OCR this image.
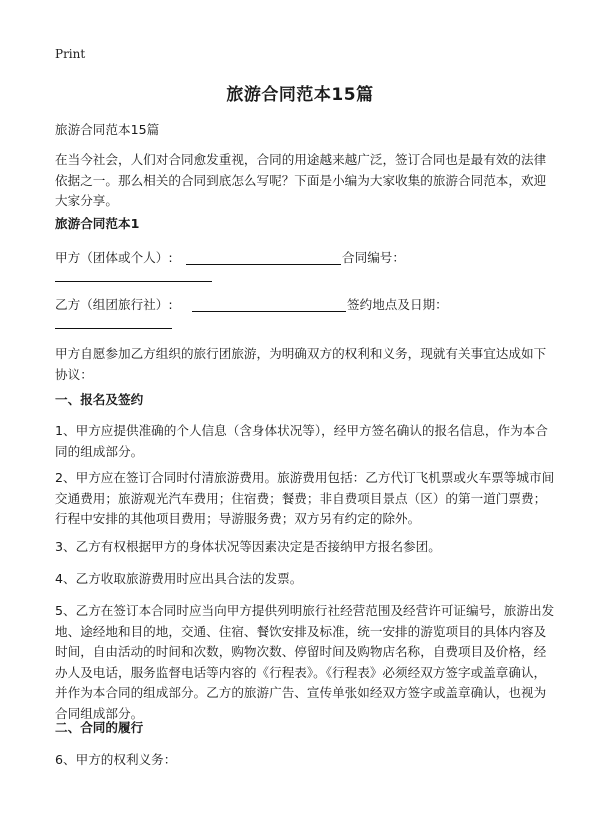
Print
旅游合同范本15篇
旅游合同范本15篇
在当今社会，人们对合同愈发重视，合同的用途越来越广泛，签订合同也是最有效的法律依据之一。那么相关的合同到底怎么写呢？下面是小编为大家收集的旅游合同范本，欢迎大家分享。
旅游合同范本1
甲方（团体或个人）:	合同编号：
乙方（组团旅行社）:	签约地点及日期：
甲方自愿参加乙方组织的旅行团旅游，为明确双方的权利和义务，现就有关事宜达成如下协议：
一、报名及签约
1、甲方应提供准确的个人信息（含身体状况等），经甲方签名确认的报名信息，作为本合同的组成部分。
2、甲方应在签订合同时付清旅游费用。旅游费用包括：乙方代订飞机票或火车票等城市间交通费用；旅游观光汽车费用；住宿费；餐费；非自费项目景点（区）的第一道门票费；行程中安排的其他项目费用；导游服务费；双方另有约定的除外。
3、乙方有权根据甲方的身体状况等因素决定是否接纳甲方报名参团。
4、乙方收取旅游费用时应出具合法的发票。
5、乙方在签订本合同时应当向甲方提供列明旅行社经营范围及经营许可证编号，旅游出发地、途经地和目的地，交通、住宿、餐饮安排及标准，统一安排的游览项目的具体内容及时间，自由活动的时间和次数，购物次数、停留时间及购物店名称，自费项目及价格，经办人及电话，服务监督电话等内容的《行程表》。《行程表》必须经双方签字或盖章确认，并作为本合同的组成部分。乙方的旅游广告、宣传单张如经双方签字或盖章确认，也视为合同组成部分。
二、合同的履行
6、甲方的权利义务：
